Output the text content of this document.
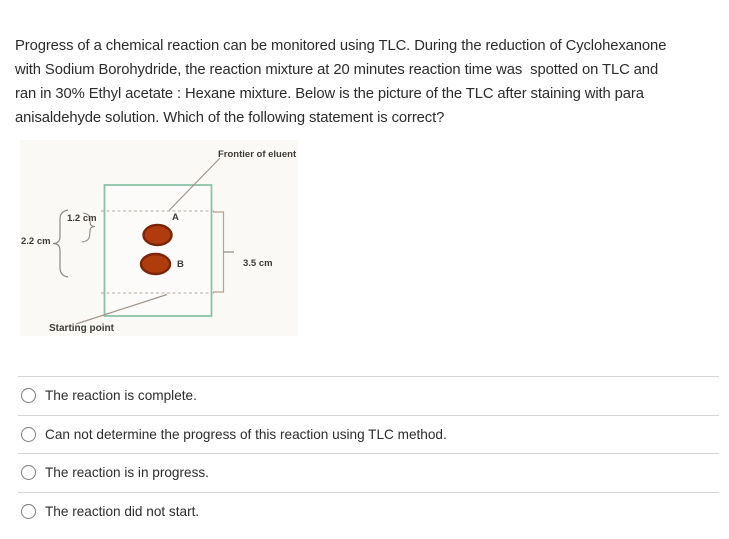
Progress of a chemical reaction can be monitored using TLC. During the reduction of Cyclohexanone
with Sodium Borohydride, the reaction mixture at 20 minutes reaction time was  spotted on TLC and
ran in 30% Ethyl acetate : Hexane mixture. Below is the picture of the TLC after staining with para
anisaldehyde solution. Which of the following statement is correct?
Frontier of eluent
Starting point
A
B
1.2 cm
2.2 cm
3.5 cm
The reaction is complete.
Can not determine the progress of this reaction using TLC method.
The reaction is in progress.
The reaction did not start.
